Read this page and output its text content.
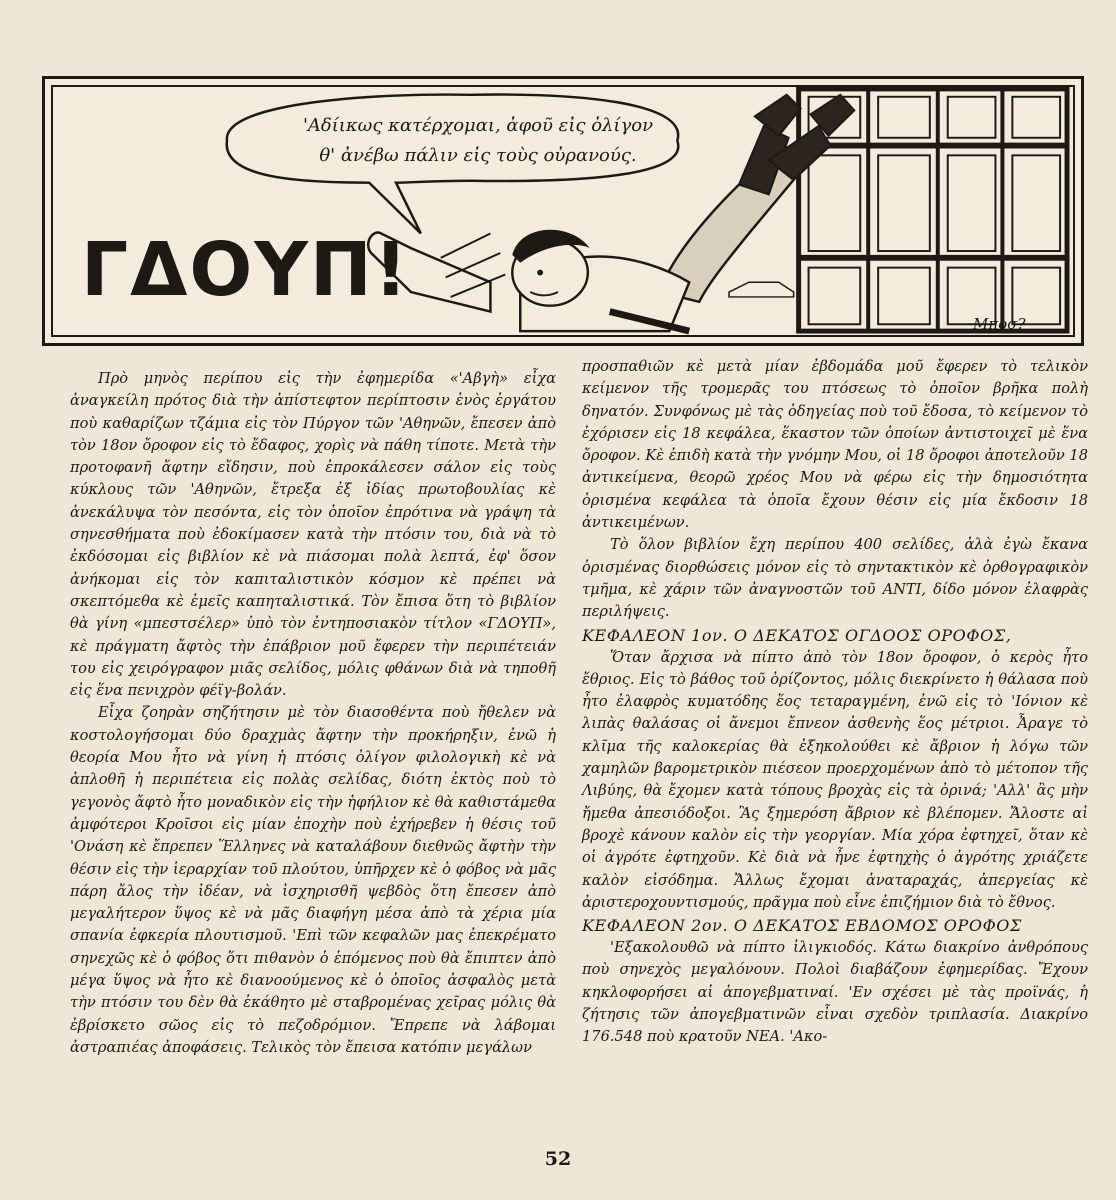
ΓΔΟΥΠ!
'Αδίικως κατέρχομαι, ἀφοῦ εἰς ὀλίγον
θ' ἀνέβω πάλιν εἰς τοὺς οὐρανούς.
Μποσ?

Πρὸ μηνὸς περίπου εἰς τὴν ἐφημερίδα «'Αβγὴ» εἶχα ἀναγκείλη πρότος διὰ τὴν ἀπίστεφτον περίπτοσιν ἑνὸς ἐργάτου ποὺ καθαρίζων τζάμια εἰς τὸν Πύργον τῶν 'Αθηνῶν, ἔπεσεν ἀπὸ τὸν 18ον ὄροφον εἰς τὸ ἔδαφος, χορὶς νὰ πάθη τίποτε. Μετὰ τὴν προτοφανῆ ἄφτην εἴδησιν, ποὺ ἐπροκάλεσεν σάλον εἰς τοὺς κύκλους τῶν 'Αθηνῶν, ἔτρεξα ἐξ ἰδίας πρωτοβουλίας κὲ ἀνεκάλυψα τὸν πεσόντα, εἰς τὸν ὁποῖον ἐπρότινα νὰ γράψη τὰ σηνεσθήματα ποὺ ἐδοκίμασεν κατὰ τὴν πτόσιν του, διὰ νὰ τὸ ἐκδόσομαι εἰς βιβλίον κὲ νὰ πιάσομαι πολὰ λεπτά, ἐφ' ὅσον ἀνήκομαι εἰς τὸν καπιταλιστικὸν κόσμον κὲ πρέπει νὰ σκεπτόμεθα κὲ ἐμεῖς καπηταλιστικά. Τὸν ἔπισα ὅτη τὸ βιβλίον θὰ γίνη «μπεστσέλερ» ὑπὸ τὸν ἐντηποσιακὸν τίτλον «ΓΔΟΥΠ», κὲ πράγματη ἄφτὸς τὴν ἐπάβριον μοῦ ἔφερεν τὴν περιπέτειάν του εἰς χειρόγραφον μιᾶς σελίδος, μόλις φθάνων διὰ νὰ τηποθῆ εἰς ἕνα πενιχρὸν φέϊγ-βολάν.

Εἶχα ζοηρὰν σηζήτησιν μὲ τὸν διασοθέντα ποὺ ἤθελεν νὰ κοστολογήσομαι δύο δραχμὰς ἄφτην τὴν προκήρηξιν, ἐνῶ ἡ θεορία Μου ἦτο νὰ γίνη ἡ πτόσις ὀλίγον φιλολογικὴ κὲ νὰ ἁπλοθῆ ἡ περιπέτεια εἰς πολὰς σελίδας, διότη ἐκτὸς ποὺ τὸ γεγονὸς ἄφτὸ ἦτο μοναδικὸν εἰς τὴν ἡφήλιον κὲ θὰ καθιστάμεθα ἀμφότεροι Κροῖσοι εἰς μίαν ἐποχὴν ποὺ ἐχήρεβεν ἡ θέσις τοῦ 'Ονάση κὲ ἔπρεπεν Ἕλληνες νὰ καταλάβουν διεθνῶς ἄφτὴν τὴν θέσιν εἰς τὴν ἱεραρχίαν τοῦ πλούτου, ὑπῆρχεν κὲ ὁ φόβος νὰ μᾶς πάρη ἄλος τὴν ἰδέαν, νὰ ἰσχηρισθῆ ψεβδὸς ὅτη ἔπεσεν ἀπὸ μεγαλήτερον ὕψος κὲ νὰ μᾶς διαφήγη μέσα ἀπὸ τὰ χέρια μία σπανία ἐφκερία πλουτισμοῦ. 'Επὶ τῶν κεφαλῶν μας ἐπεκρέματο σηνεχῶς κὲ ὁ φόβος ὅτι πιθανὸν ὁ ἑπόμενος ποὺ θὰ ἔπιπτεν ἀπὸ μέγα ὕψος νὰ ἦτο κὲ διανοούμενος κὲ ὁ ὁποῖος ἀσφαλὸς μετὰ τὴν πτόσιν του δὲν θὰ ἐκάθητο μὲ σταβρομένας χεῖρας μόλις θὰ ἐβρίσκετο σῶος εἰς τὸ πεζοδρόμιον. Ἔπρεπε νὰ λάβομαι ἀστραπιέας ἀποφάσεις. Τελικὸς τὸν ἔπεισα κατόπιν μεγάλων

προσπαθιῶν κὲ μετὰ μίαν ἐβδομάδα μοῦ ἔφερεν τὸ τελικὸν κείμενον τῆς τρομερᾶς του πτόσεως τὸ ὁποῖον βρῆκα πολὴ δηνατόν. Συνφόνως μὲ τὰς ὁδηγείας ποὺ τοῦ ἔδοσα, τὸ κείμενον τὸ ἐχόρισεν εἰς 18 κεφάλεα, ἕκαστον τῶν ὁποίων ἀντιστοιχεῖ μὲ ἕνα ὄροφον. Κὲ ἐπιδὴ κατὰ τὴν γνόμην Μου, οἱ 18 ὄροφοι ἀποτελοῦν 18 ἀντικείμενα, θεορῶ χρέος Μου νὰ φέρω εἰς τὴν δημοσιότητα ὁρισμένα κεφάλεα τὰ ὁποῖα ἔχουν θέσιν εἰς μία ἔκδοσιν 18 ἀντικειμένων.

Τὸ ὅλον βιβλίον ἔχη περίπου 400 σελίδες, ἀλὰ ἐγὼ ἔκανα ὁρισμένας διορθώσεις μόνον εἰς τὸ σηντακτικὸν κὲ ὀρθογραφικὸν τμῆμα, κὲ χάριν τῶν ἀναγνοστῶν τοῦ ΑΝΤΙ, δίδο μόνον ἐλαφρὰς περιλήψεις.

ΚΕΦΑΛΕΟΝ 1ον. Ο ΔΕΚΑΤΟΣ ΟΓΔΟΟΣ ΟΡΟΦΟΣ,

Ὅταν ἄρχισα νὰ πίπτο ἀπὸ τὸν 18ον ὄροφον, ὁ κερὸς ἦτο ἔθριος. Εἰς τὸ βάθος τοῦ ὁρίζοντος, μόλις διεκρίνετο ἡ θάλασα ποὺ ἦτο ἐλαφρὸς κυματόδης ἕος τεταραγμένη, ἐνῶ εἰς τὸ 'Ιόνιον κὲ λιπὰς θαλάσας οἱ ἄνεμοι ἔπνεον ἀσθενὴς ἕος μέτριοι. Ἆραγε τὸ κλῖμα τῆς καλοκερίας θὰ ἐξηκολούθει κὲ ἄβριον ἡ λόγω τῶν χαμηλῶν βαρομετρικὸν πιέσεον προερχομένων ἀπὸ τὸ μέτοπον τῆς Λιβύης, θὰ ἔχομεν κατὰ τόπους βροχὰς εἰς τὰ ὀρινά; 'Αλλ' ἂς μὴν ἤμεθα ἀπεσιόδοξοι. Ἂς ξημερόση ἄβριον κὲ βλέπομεν. Ἄλοστε αἱ βροχὲ κάνουν καλὸν εἰς τὴν γεοργίαν. Μία χόρα ἐφτηχεῖ, ὅταν κὲ οἱ ἀγρότε ἐφτηχοῦν. Κὲ διὰ νὰ ἦνε ἐφτηχὴς ὁ ἀγρότης χριάζετε καλὸν εἰσόδημα. Ἄλλως ἔχομαι ἀναταραχάς, ἀπεργείας κὲ ἀριστεροχουντισμούς, πρᾶγμα ποὺ εἶνε ἐπιζήμιον διὰ τὸ ἔθνος.

ΚΕΦΑΛΕΟΝ 2ον. Ο ΔΕΚΑΤΟΣ ΕΒΔΟΜΟΣ ΟΡΟΦΟΣ

'Εξακολουθῶ νὰ πίπτο ἰλιγκιοδός. Κάτω διακρίνο ἀνθρόπους ποὺ σηνεχὸς μεγαλόνουν. Πολοὶ διαβάζουν ἐφημερίδας. Ἔχουν κηκλοφορήσει αἱ ἀπογεβματιναί. 'Εν σχέσει μὲ τὰς προϊνάς, ἡ ζήτησις τῶν ἀπογεβματινῶν εἶναι σχεδὸν τριπλασία. Διακρίνο 176.548 ποὺ κρατοῦν ΝΕΑ. 'Ακο-

52
